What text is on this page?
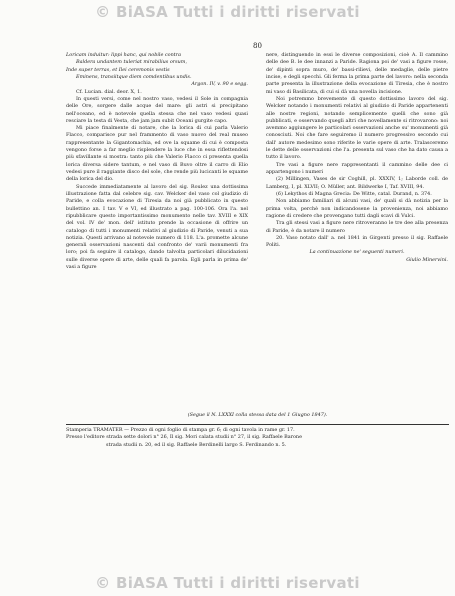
© BiASA Tutti i diritti riservati
80

Loricam induitur: lippi hanc, qui nobile contra

Baldera undantem tuleriat mirabilius orsum,

Inde super terras, et Ilei ceremonis vestis

Eminens, transiitque diem comdentibus undis.

Argon. IV, v. 90 e segg.

Cf. Lucian. dial. deor. X, 1.

In questi versi, come nel nostro vaso, vedesi il Sole in compagnia delle Ore, sorgere dalle acque del mare: gli astri si precipitano nell'oceano, ed è notevole quella stessa che nel vaso vedesi quasi resciare la testa di Vesta, che jam jam subit Oceani gurgite capo.

Mi piace finalmente di notare, che la lorica di cui parla Valerio Flacco, comparisce pur nel frammento di vaso nuovo del real museo rappresentante la Gigantomachia, ed ove la squame di cui è composta vengono forse a far meglio risplendere la luce che in essa riflettendosi più sfavillante si mostra: tanto più che Valerio Flacco ci presenta quella lorica diversa sidere tantum, e nel vaso di Buvo oltre il carro di Elio vedesi pure il raggiante disco del sole, che rende più lucicanti le squame della lorica del dio.

Succede immediatamente al lavoro del sig. Roulez una dottissima illustrazione fatta dal celebre sig. cav. Welcker del vaso col giudizio di Paride, e colla evocazione di Tiresia da noi già pubblicato in questo bullettino an. I tav. V e VI, ed illustrato a pag. 100-106. Ora l'a. nel ripubblicare questo importantissimo monumento nelle tav. XVIII e XIX del vol. IV de' mon. dell' istituto prende la occasione di offrire un catalogo di tutti i monumenti relativi al giudizio di Paride, venuti a sua notizia. Questi arrivano al notevole numero di 118. L'a. promette alcune generali osservazioni nascenti dal confronto de' varii monumenti fra loro; poi fa seguire il catalogo, dando talvolta particolari dilucidazioni sulle diverse opere di arte, delle quali fa parola. Egli parla in prima de' vasi a figure

nere, distinguendo in essi le diverse composizioni, cioè A. Il cammino delle dee B. le dee innanzi a Paride. Ragiona poi de' vasi a figure rosse, de' dipinti sopra muro, de' bassi-rilievi, delle medaglie, delle pietre incise, e degli specchi. Gli ferma la prima parte del lavoro: nella seconda parte presenta la illustrazione della evocazione di Tiresia, che è nostro mi vaso di Basilicata, di cui si dà una novella incisione.

Noi potremmo brevemente di questo dottissimo lavoro del sig. Welcker notando i monumenti relativi al giudizio di Paride appartenenti alle nostre regioni, notando semplicemente quelli che sono già pubblicati, e osservando quegli altri che novellamente si ritrovarono: noi avemmo aggiungere le particolari osservazioni anche su' monumenti già conosciuti. Noi che fare seguiremo il numero progressivo secondo cui dall' autore medesimo sono riferite le varie opere di arte. Tralasceremo le dette delle osservazioni che l'a. presenta sul vaso che ha dato causa a tutto il lavoro.

Tre vasi a figure nere rappresentanti il cammino delle dee ci appartengono i numeri

(2) Millingen, Vases de sir Coghill, pl. XXXIV, 1; Laborde coll. de Lamberg, I, pl. XLVII; O. Müller, ant. Bildwerke I, Taf. XVIII, 94.

(6) Lekythos di Magna Grecia: De Witte, catal. Durand, n. 374.

Non abbiamo familiari di alcuni vasi, de' quali si dà notizia per la prima volta, perchè non indicandosene la provenienza, noi abbiamo ragione di credere che provengano tutti dagli scavi di Vulci.

Tra gli stessi vasi a figure nere ritroveranno le tre dee alla presenza di Paride, è da notare il numero

20. Vaso notato dall' a. nel 1841 in Girgenti presso il sig. Raffaele Politi.

La continuazione ne' seguenti numeri.

Giulio Minervini.

(Segue il N. LXXXI colla stessa data del 1 Giugno 1847).

Stamperia TRAMATER — Prezzo di ogni foglio di stampa gr. 6; di ogni tavola in rame gr. 17.

Presso l'editore strada sette dolori n° 26, Il sig. Mori calata studii n° 27, il sig. Raffaele Barone

strada studii n. 20, ed il sig. Raffaele Berdinelli largo S. Ferdinando n. 5.

© BiASA Tutti i diritti riservati
